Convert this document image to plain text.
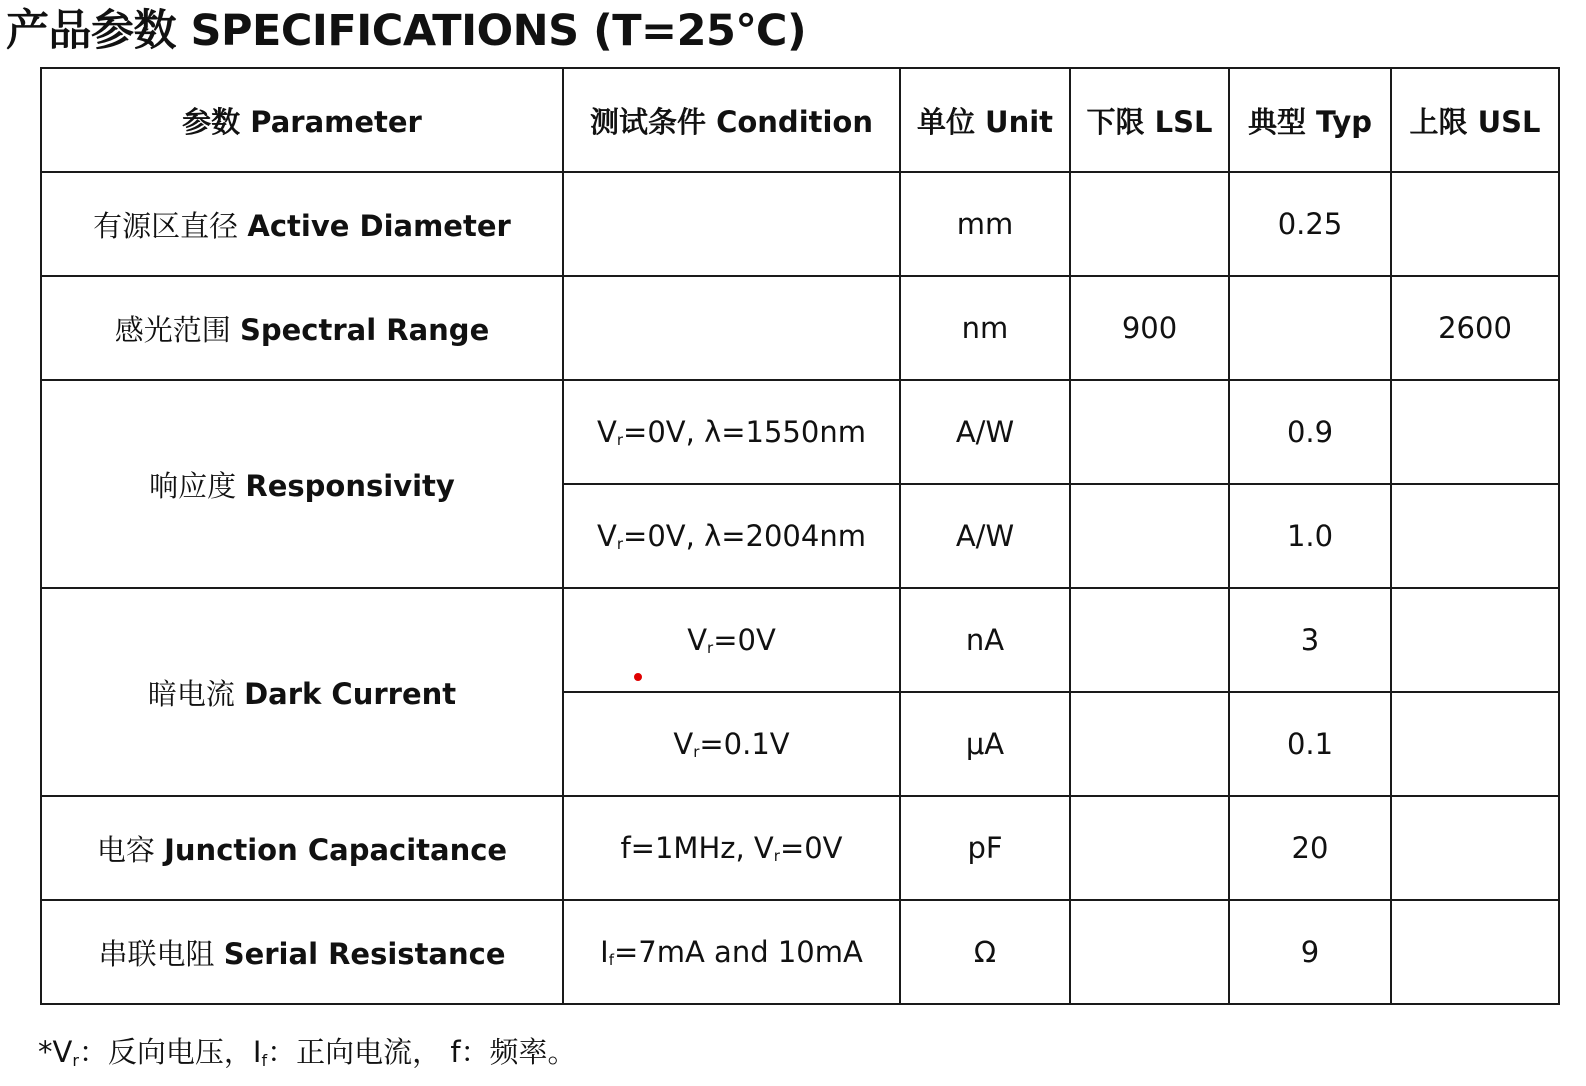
产品参数 SPECIFICATIONS (T=25℃)
参数 Parameter	测试条件 Condition	单位 Unit	下限 LSL	典型 Typ	上限 USL
有源区直径 Active Diameter		mm		0.25	
感光范围 Spectral Range		nm	900		2600
响应度 Responsivity	$V_r=0V$, λ=1550nm	A/W		0.9	
	$V_r=0V$, λ=2004nm	A/W		1.0	
暗电流 Dark Current	$V_r=0V$	nA		3	
	$V_r=0.1V$	μA		0.1	
电容 Junction Capacitance	f=1MHz, $V_r=0V$	pF		20	
串联电阻 Serial Resistance	$I_f=7mA$ and 10mA	Ω		9	
$*V_r$：反向电压，$I_f$：正向电流， f：频率。
